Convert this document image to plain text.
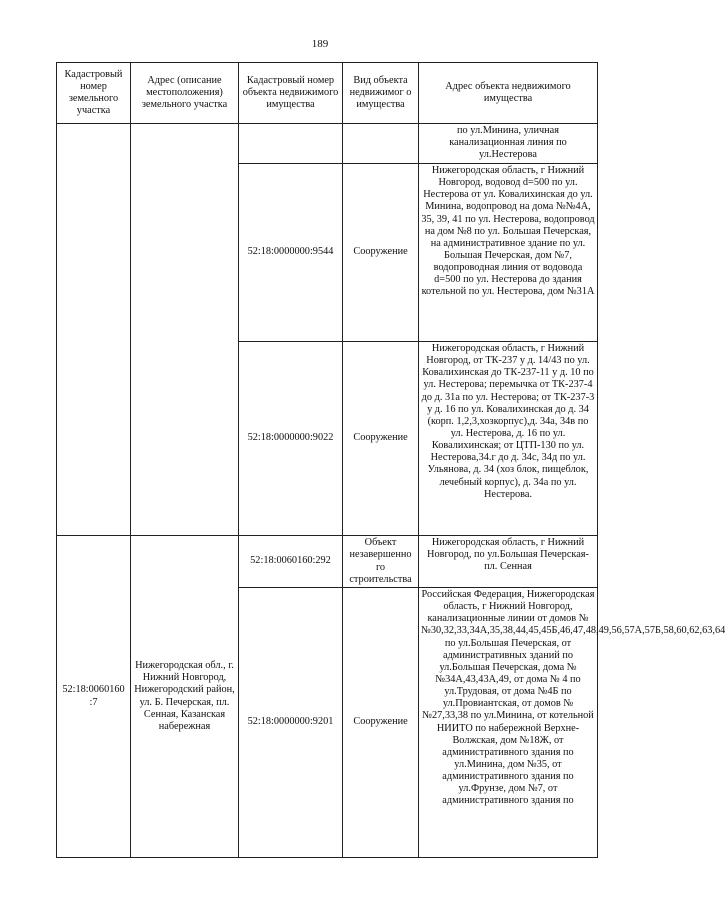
189
Кадастровый номер земельного участка	Адрес (описание местоположения) земельного участка	Кадастровый номер объекта недвижимого имущества	Вид объекта недвижимог о имущества	Адрес объекта недвижимого имущества
				по ул.Минина, уличная канализационная линия по ул.Нестерова
		52:18:0000000:9544	Сооружение	Нижегородская область, г Нижний Новгород, водовод d=500 по ул. Нестерова от ул. Ковалихинская до ул. Минина, водопровод на дома №№4А, 35, 39, 41 по ул. Нестерова, водопровод на дом №8 по ул. Большая Печерская, на административное здание по ул. Большая Печерская, дом №7, водопроводная линия от водовода d=500 по ул. Нестерова до здания котельной по ул. Нестерова, дом №31А
		52:18:0000000:9022	Сооружение	Нижегородская область, г Нижний Новгород, от ТК-237 у д. 14/43 по ул. Ковалихинская до ТК-237-11 у д. 10 по ул. Нестерова; перемычка от ТК-237-4 до д. 31а по ул. Нестерова; от ТК-237-3 у д. 16 по ул. Ковалихинская до д. 34 (корп. 1,2,3,хозкорпус),д. 34а, 34в по ул. Нестерова, д. 16 по ул. Ковалихинская; от ЦТП-130 по ул. Нестерова,34.г до д. 34с, 34д по ул. Ульянова, д. 34 (хоз блок, пищеблок, лечебный корпус), д. 34а по ул. Нестерова.
52:18:0060160 :7	Нижегородская обл., г. Нижний Новгород, Нижегородский район, ул. Б. Печерская, пл. Сенная, Казанская набережная	52:18:0060160:292	Объект незавершенно го строительства	Нижегородская область, г Нижний Новгород, по ул.Большая Печерская-пл. Сенная
		52:18:0000000:9201	Сооружение	Российская Федерация, Нижегородская область, г Нижний Новгород, канализационные линии от домов №№30,32,33,34А,35,38,44,45,45Б,46,47,48,49,56,57А,57Б,58,60,62,63,64 по ул.Большая Печерская, от административных зданий по ул.Большая Печерская, дома №№34А,43,43А,49, от дома № 4 по ул.Трудовая, от дома №4Б по ул.Провиантская, от домов №№27,33,38 по ул.Минина, от котельной НИИТО по набережной Верхне-Волжская, дом №18Ж, от административного здания по ул.Минина, дом №35, от административного здания по ул.Фрунзе, дом №7, от административного здания по
